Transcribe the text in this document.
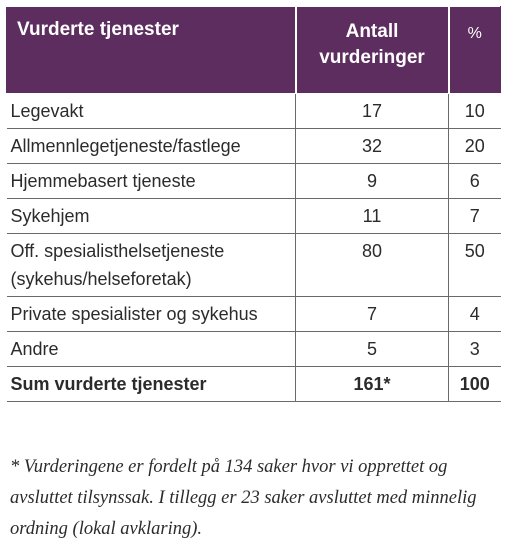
Vurderte tjenester	Antall vurderinger	%
Legevakt	17	10
Allmennlegetjeneste/fastlege	32	20
Hjemmebasert tjeneste	9	6
Sykehjem	11	7
Off. spesialisthelsetjeneste (sykehus/helseforetak)	80	50
Private spesialister og sykehus	7	4
Andre	5	3
Sum vurderte tjenester	161*	100

* Vurderingene er fordelt på 134 saker hvor vi opprettet og avsluttet tilsynssak. I tillegg er 23 saker avsluttet med minnelig ordning (lokal avklaring).
